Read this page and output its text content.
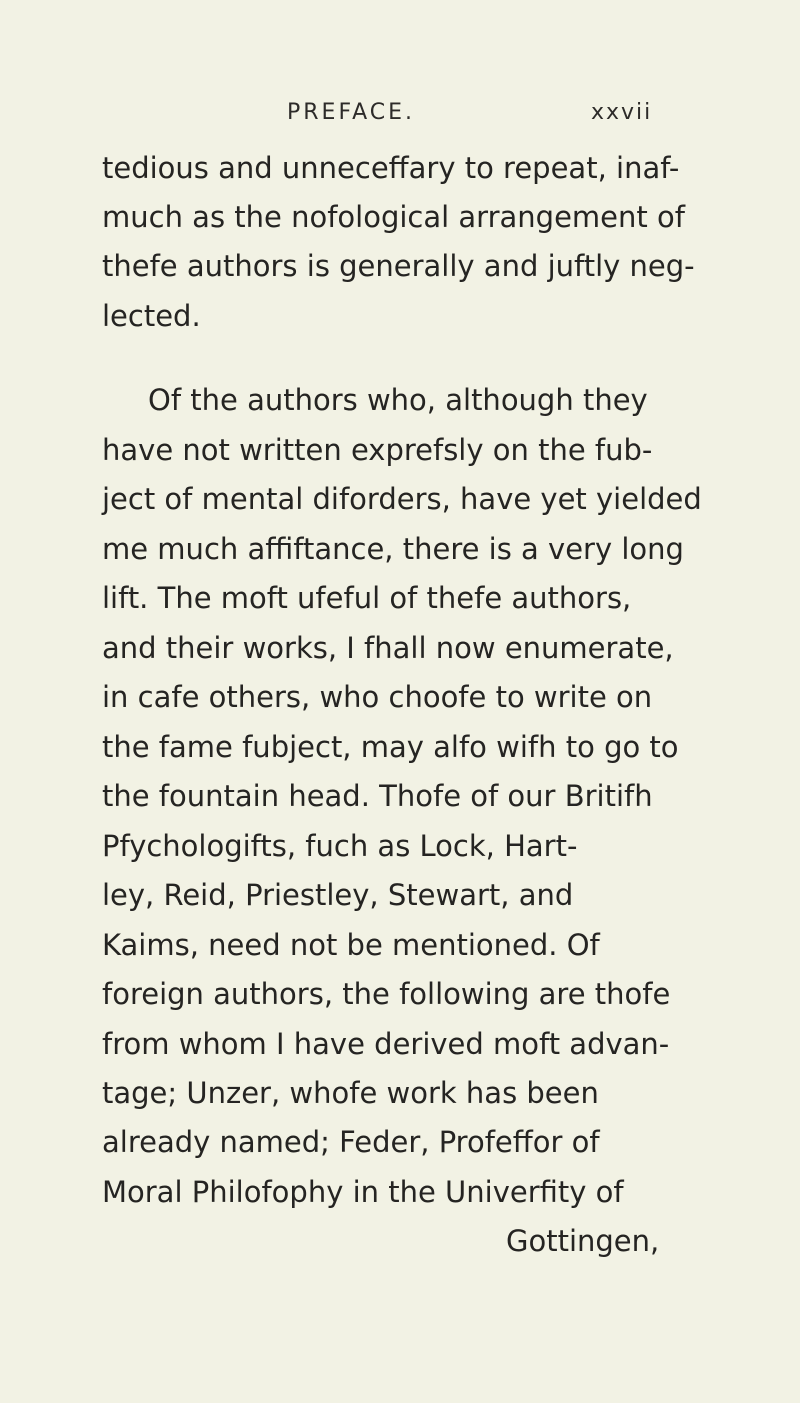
PREFACE.	xxvii
tedious and unneceffary to repeat, inaf-
much as the nofological arrangement of
thefe authors is generally and juftly neg-
lected.
Of the authors who, although they
have not written exprefsly on the fub-
ject of mental diforders, have yet yielded
me much affiftance, there is a very long
lift. The moft ufeful of thefe authors,
and their works, I fhall now enumerate,
in cafe others, who choofe to write on
the fame fubject, may alfo wifh to go to
the fountain head. Thofe of our Britifh
Pfychologifts, fuch as Lock, Hart-
ley, Reid, Priestley, Stewart, and
Kaims, need not be mentioned. Of
foreign authors, the following are thofe
from whom I have derived moft advan-
tage; Unzer, whofe work has been
already named; Feder, Profeffor of
Moral Philofophy in the Univerfity of
Gottingen,
